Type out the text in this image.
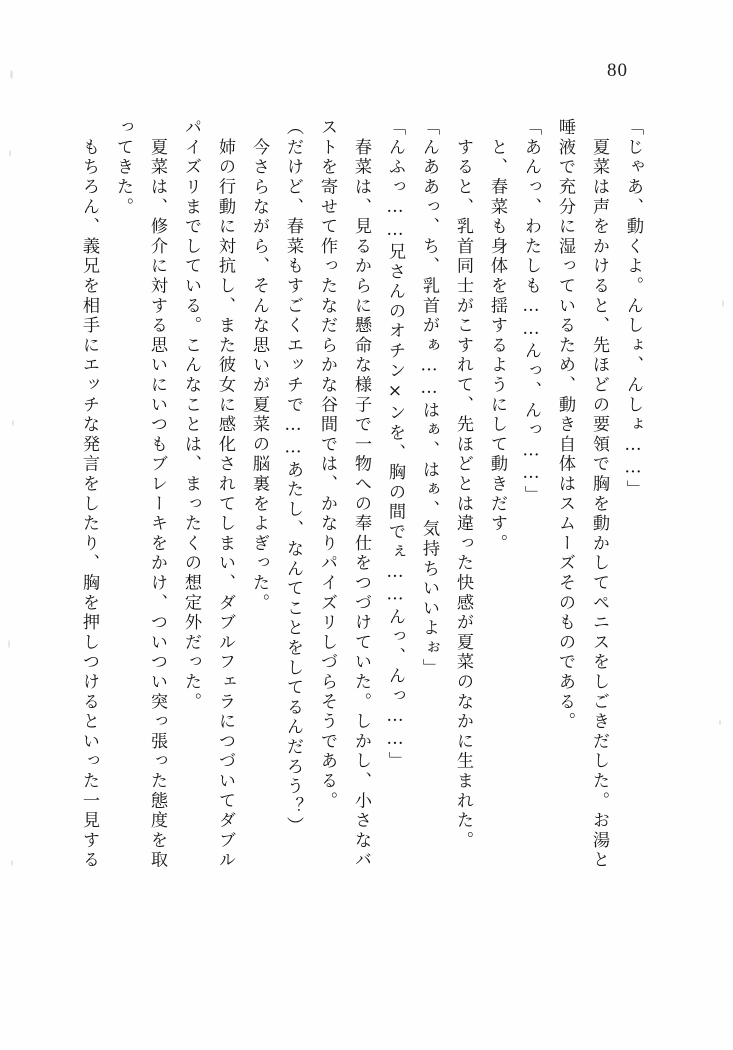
80
「じゃあ、動くよ。んしょ、んしょ……」
　夏菜は声をかけると、先ほどの要領で胸を動かしてペニスをしごきだした。お湯と
唾液で充分に湿っているため、動き自体はスムーズそのものである。
「あんっ、わたしも……んっ、んっ……」
　と、春菜も身体を揺するようにして動きだす。
　すると、乳首同士がこすれて、先ほどとは違った快感が夏菜のなかに生まれた。
「んああっ、ち、乳首がぁ……はぁ、はぁ、気持ちいいよぉ」
「んふっ……兄さんのオチン×ンを、胸の間でぇ……んっ、んっ……」
　春菜は、見るからに懸命な様子で一物への奉仕をつづけていた。しかし、小さなバ
ストを寄せて作ったなだらかな谷間では、かなりパイズリしづらそうである。
（だけど、春菜もすごくエッチで……あたし、なんてことをしてるんだろう？）
　今さらながら、そんな思いが夏菜の脳裏をよぎった。
　姉の行動に対抗し、また彼女に感化されてしまい、ダブルフェラにつづいてダブル
パイズリまでしている。こんなことは、まったくの想定外だった。
　夏菜は、修介に対する思いにいつもブレーキをかけ、ついつい突っ張った態度を取
ってきた。
　もちろん、義兄を相手にエッチな発言をしたり、胸を押しつけるといった一見する
